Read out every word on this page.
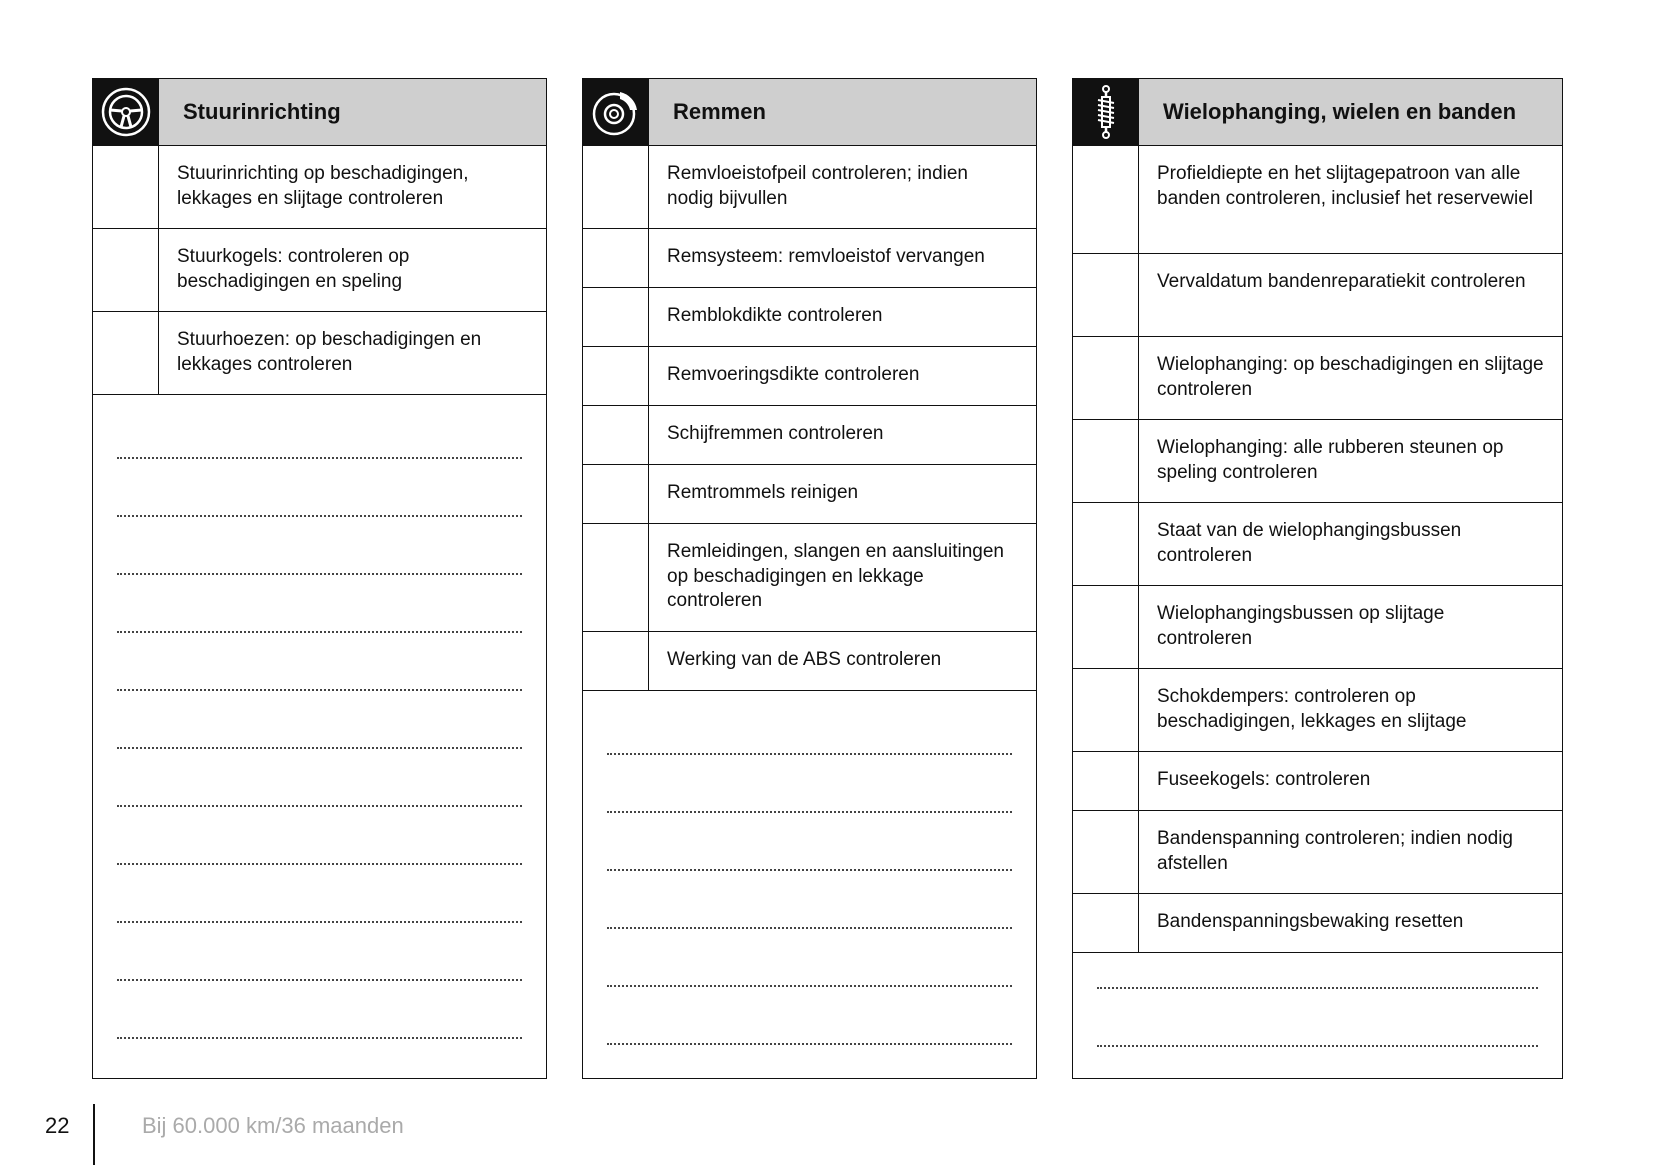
Stuurinrichting
Stuurinrichting op beschadigingen, lekkages en slijtage controleren
Stuurkogels: controleren op beschadigingen en speling
Stuurhoezen: op beschadigingen en lekkages controleren
Remmen
Remvloeistofpeil controleren; indien nodig bijvullen
Remsysteem: remvloeistof vervangen
Remblokdikte controleren
Remvoeringsdikte controleren
Schijfremmen controleren
Remtrommels reinigen
Remleidingen, slangen en aansluitingen op beschadigingen en lekkage controleren
Werking van de ABS controleren
Wielophanging, wielen en banden
Profieldiepte en het slijtagepatroon van alle banden controleren, inclusief het reservewiel
Vervaldatum bandenreparatiekit controleren
Wielophanging: op beschadigingen en slijtage controleren
Wielophanging: alle rubberen steunen op speling controleren
Staat van de wielophangingsbussen controleren
Wielophangingsbussen op slijtage controleren
Schokdempers: controleren op beschadigingen, lekkages en slijtage
Fuseekogels: controleren
Bandenspanning controleren; indien nodig afstellen
Bandenspanningsbewaking resetten
22	Bij 60.000 km/36 maanden
